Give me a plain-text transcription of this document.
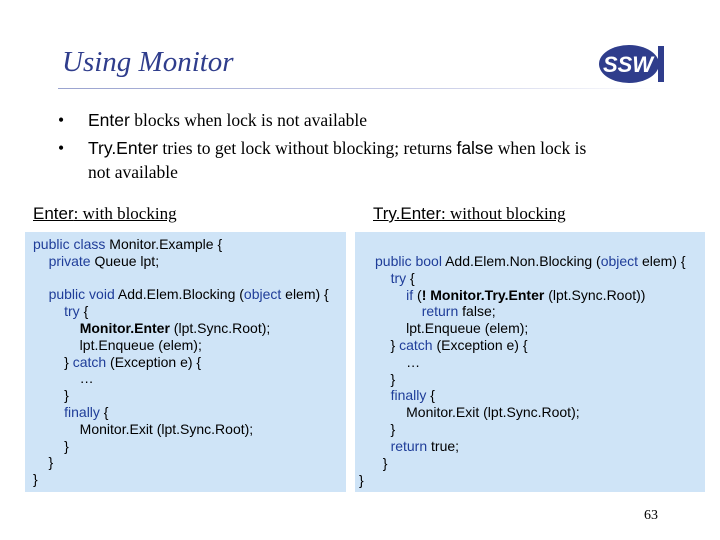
Using Monitor	SSW
• Enter blocks when lock is not available
• Try.Enter tries to get lock without blocking; returns false when lock is
not available
Enter: with blocking	Try.Enter: without blocking
public class Monitor.Example {
private Queue lpt;

public void Add.Elem.Blocking (object elem) {
try {
Monitor.Enter (lpt.Sync.Root);
lpt.Enqueue (elem);
} catch (Exception e) {
…
}
finally {
Monitor.Exit (lpt.Sync.Root);
}
}
}
public bool Add.Elem.Non.Blocking (object elem) {
try {
if (! Monitor.Try.Enter (lpt.Sync.Root))
return false;
lpt.Enqueue (elem);
} catch (Exception e) {
…
}
finally {
Monitor.Exit (lpt.Sync.Root);
}
return true;
}
}
63
